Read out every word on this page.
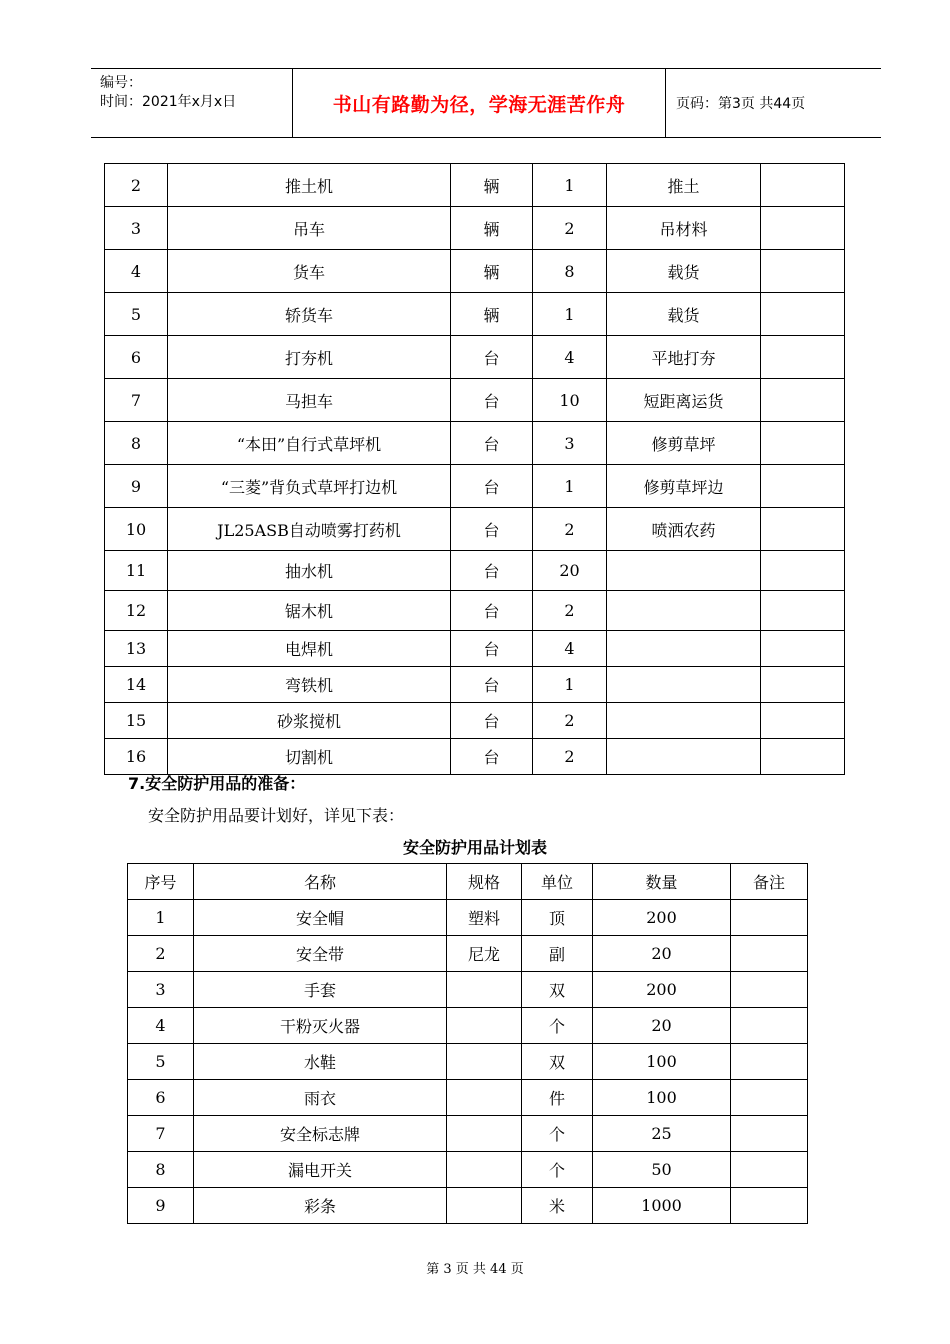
编号：
时间：2021年x月x日	书山有路勤为径，学海无涯苦作舟	页码：第3页 共44页
2	推土机	辆	1	推土	
3	吊车	辆	2	吊材料	
4	货车	辆	8	载货	
5	轿货车	辆	1	载货	
6	打夯机	台	4	平地打夯	
7	马担车	台	10	短距离运货	
8	“本田”自行式草坪机	台	3	修剪草坪	
9	“三菱”背负式草坪打边机	台	1	修剪草坪边	
10	JL25ASB自动喷雾打药机	台	2	喷洒农药	
11	抽水机	台	20		
12	锯木机	台	2		
13	电焊机	台	4		
14	弯铁机	台	1		
15	砂浆搅机	台	2		
16	切割机	台	2		
7.安全防护用品的准备：
安全防护用品要计划好，详见下表：
安全防护用品计划表
序号	名称	规格	单位	数量	备注
1	安全帽	塑料	顶	200	
2	安全带	尼龙	副	20	
3	手套		双	200	
4	干粉灭火器		个	20	
5	水鞋		双	100	
6	雨衣		件	100	
7	安全标志牌		个	25	
8	漏电开关		个	50	
9	彩条		米	1000	
第 3 页 共 44 页
